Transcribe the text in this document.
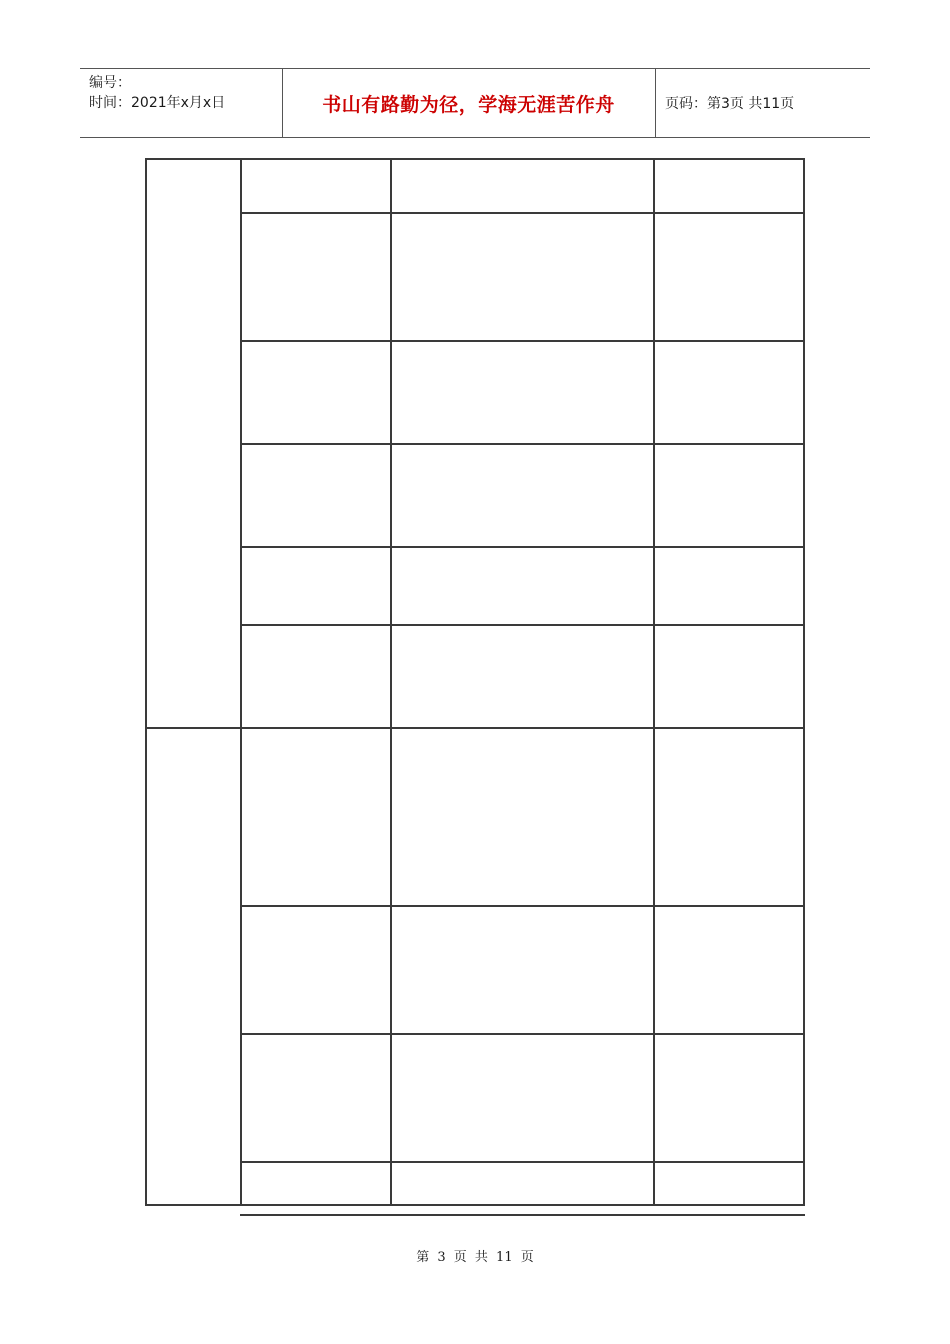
编号：
时间：2021年x月x日	书山有路勤为径，学海无涯苦作舟	页码：第3页 共11页
第 3 页 共 11 页
